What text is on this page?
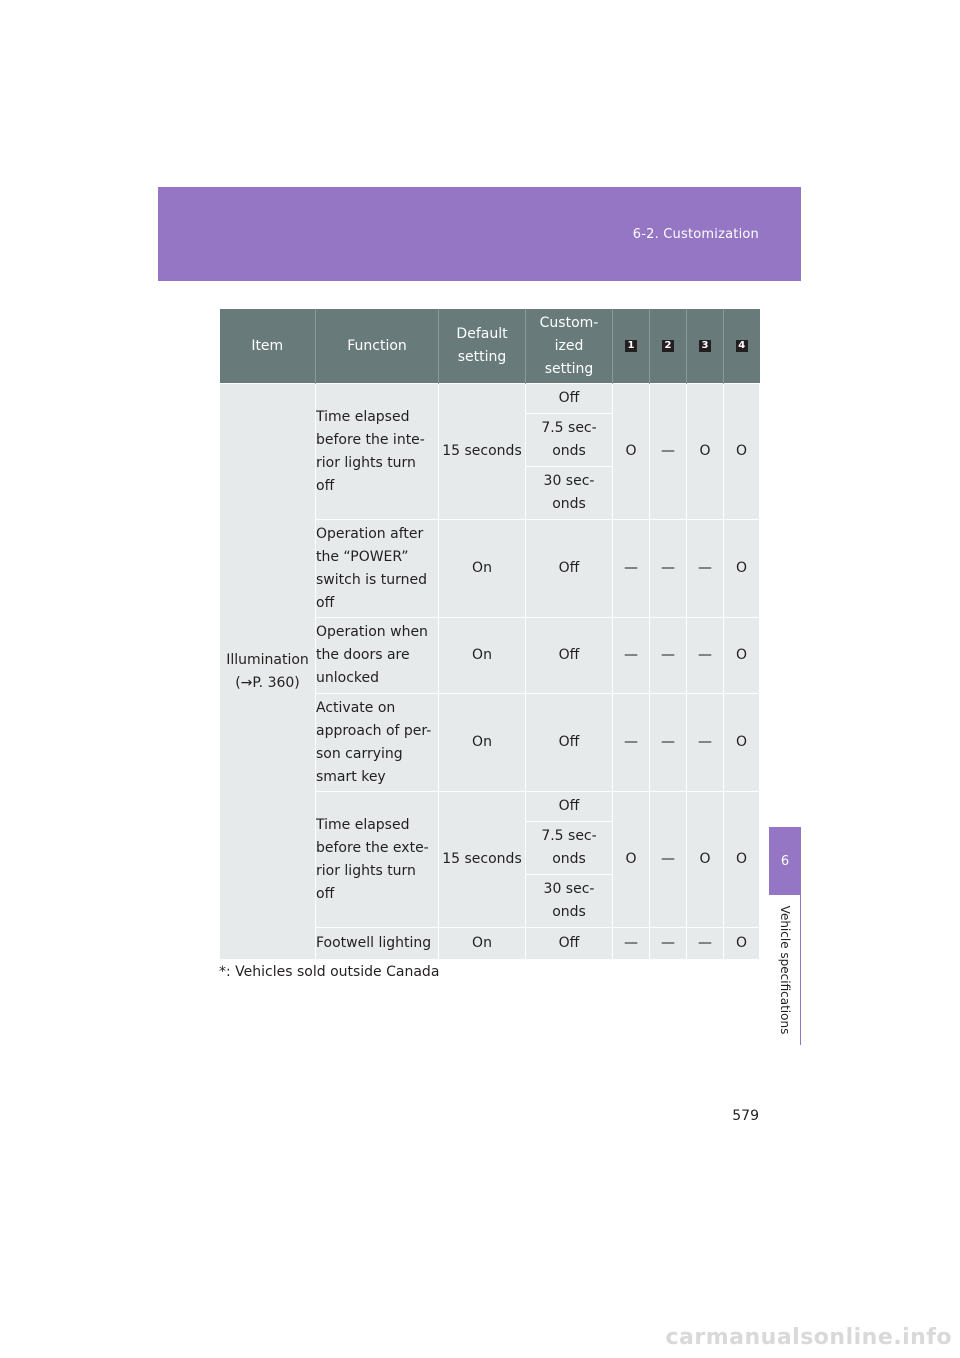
6-2. Customization
6
Vehicle specifications
Item	Function	Default
setting	Custom-
ized
setting	1	2	3	4
Illumination
(→P. 360)	Time elapsed
before the inte-
rior lights turn off	15 seconds	Off	O	—	O	O
			7.5 sec-
onds				
			30 sec-
onds				
	Operation after
the “POWER”
switch is turned
off	On	Off	—	—	—	O
	Operation when
the doors are
unlocked	On	Off	—	—	—	O
	Activate on
approach of per-
son carrying
smart key	On	Off	—	—	—	O
	Time elapsed
before the exte-
rior lights turn off	15 seconds	Off	O	—	O	O
			7.5 sec-
onds				
			30 sec-
onds				
	Footwell lighting	On	Off	—	—	—	O
*: Vehicles sold outside Canada
579
carmanualsonline.info
